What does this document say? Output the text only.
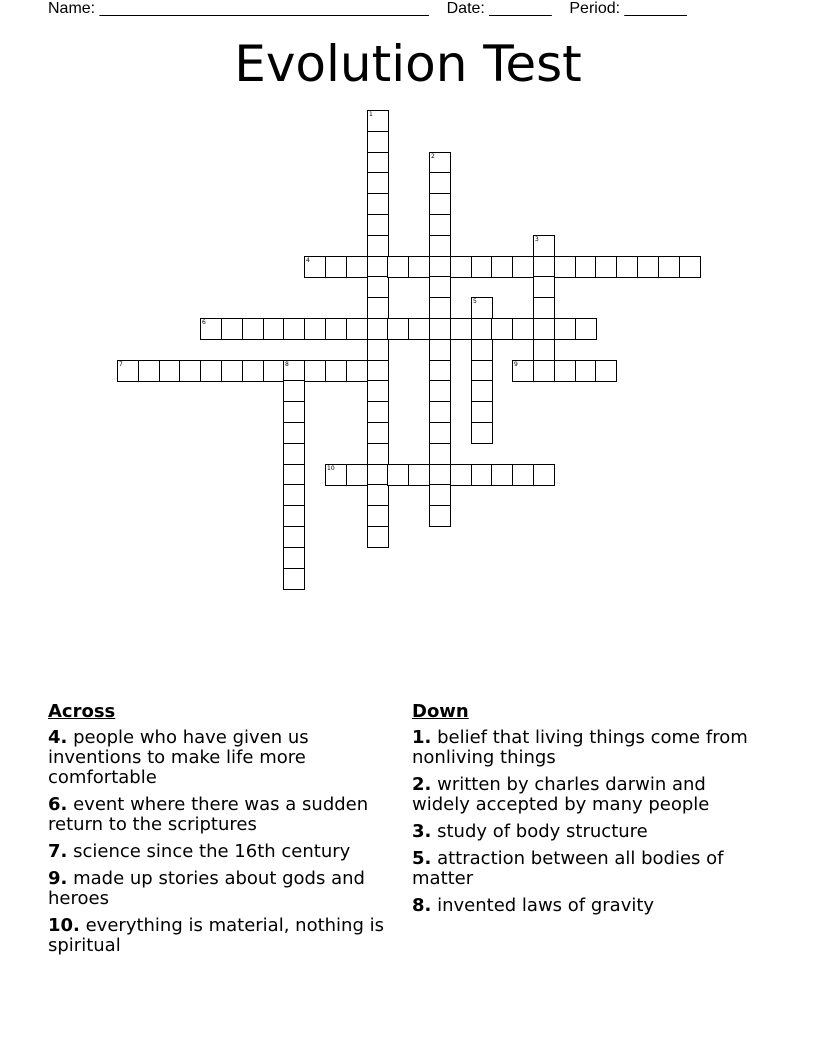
Name: _____________________________________ Date: _______ Period: _______
Evolution Test
1
2
3
4
5
6
7	8	9
10
Across
4. people who have given us inventions to make life more comfortable
6. event where there was a sudden return to the scriptures
7. science since the 16th century
9. made up stories about gods and heroes
10. everything is material, nothing is spiritual
Down
1. belief that living things come from nonliving things
2. written by charles darwin and widely accepted by many people
3. study of body structure
5. attraction between all bodies of matter
8. invented laws of gravity
